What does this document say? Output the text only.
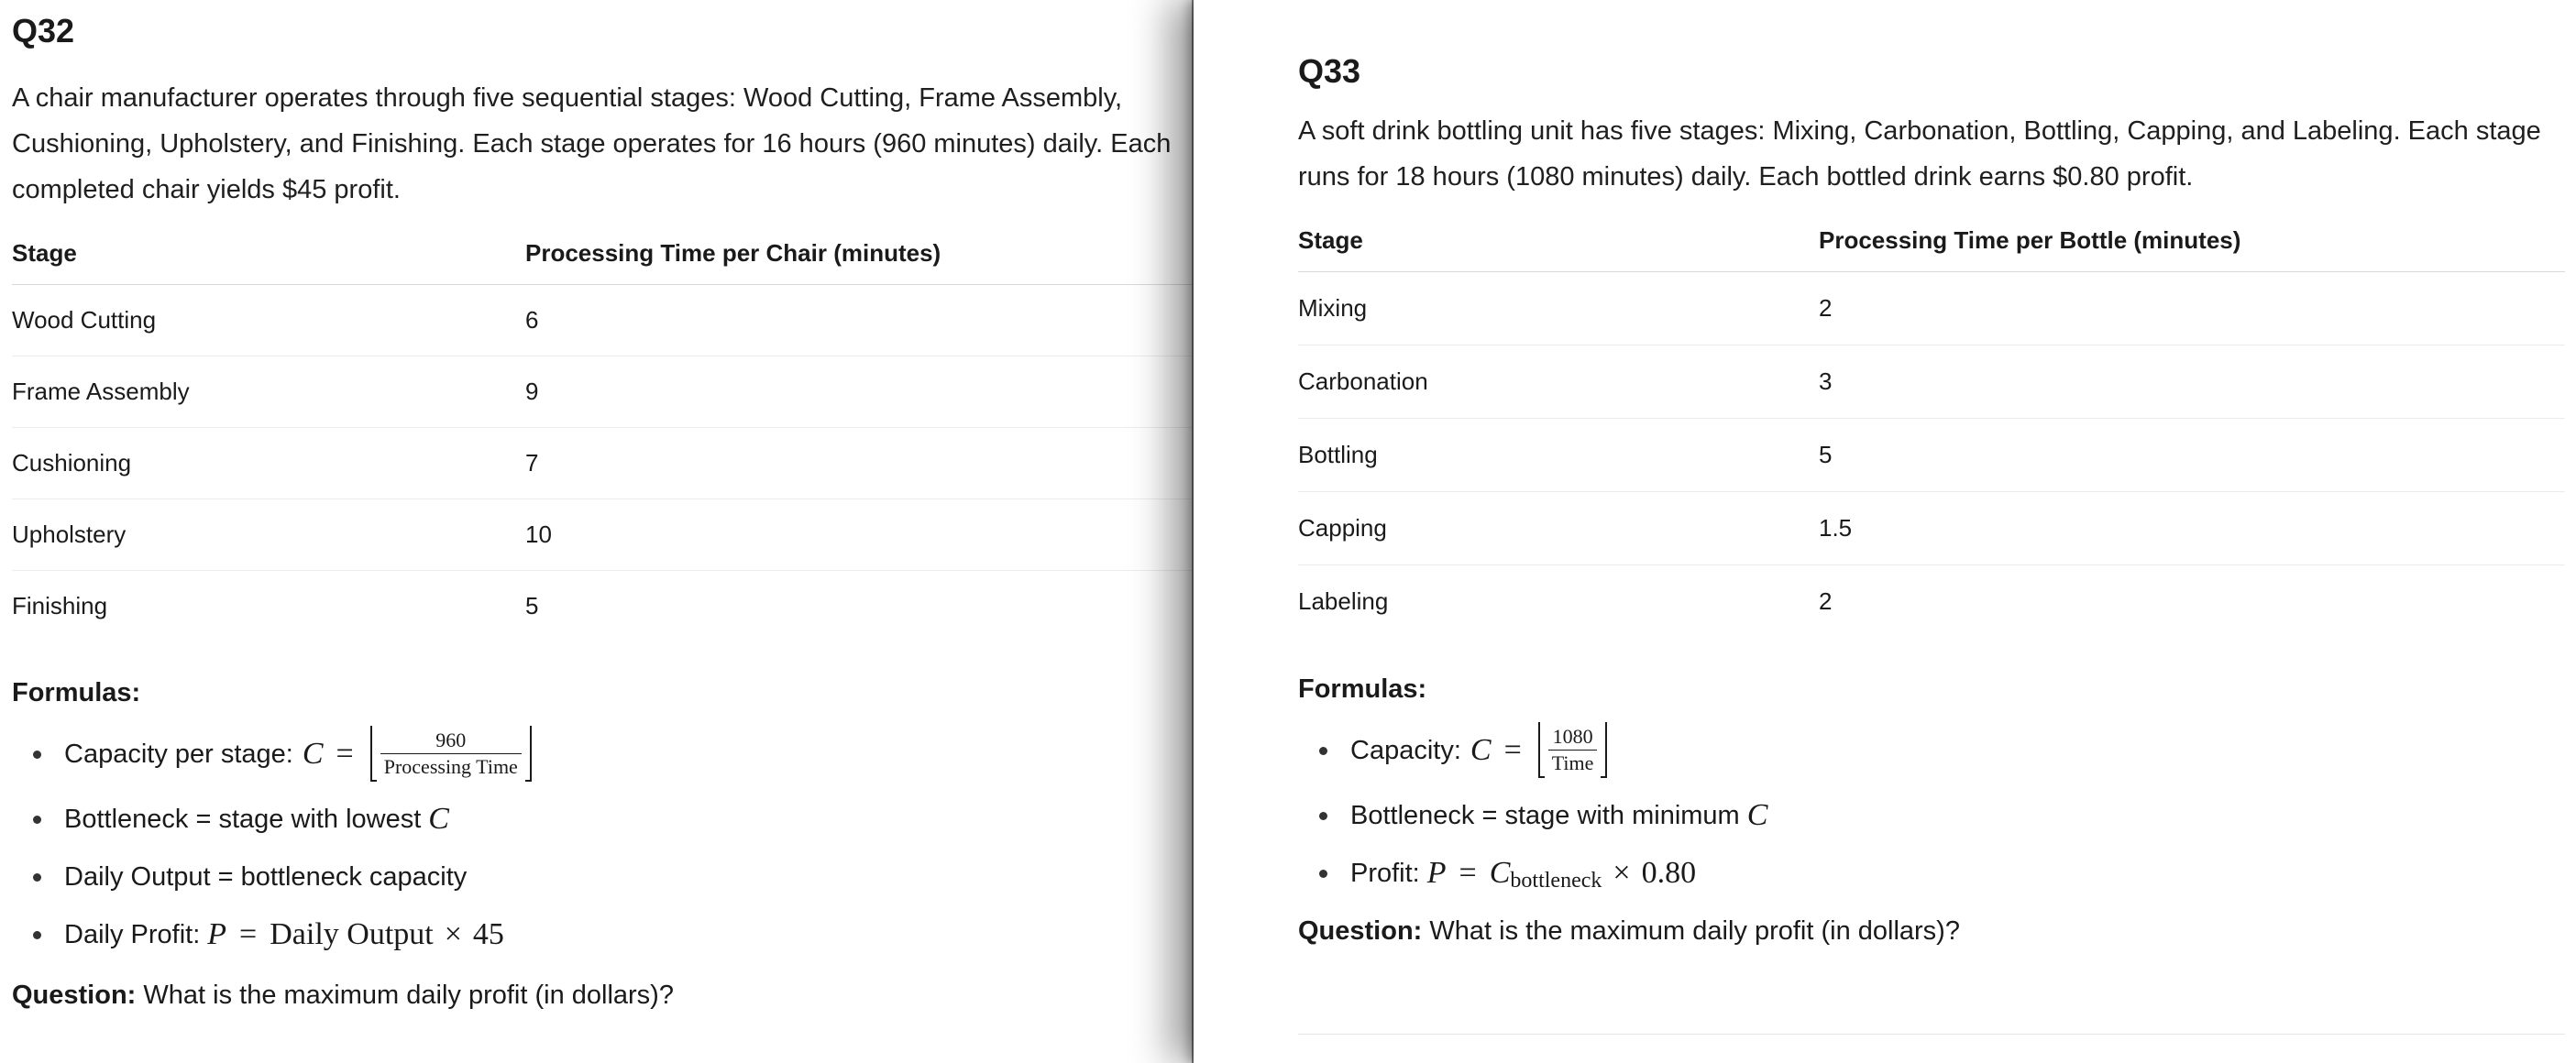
Q32
A chair manufacturer operates through five sequential stages: Wood Cutting, Frame Assembly, Cushioning, Upholstery, and Finishing. Each stage operates for 16 hours (960 minutes) daily. Each completed chair yields $45 profit.
Stage	Processing Time per Chair (minutes)
Wood Cutting	6
Frame Assembly	9
Cushioning	7
Upholstery	10
Finishing	5
Formulas:
Capacity per stage: $C = \frac{960}{\text{Processing Time}}$
Bottleneck = stage with lowest C
Daily Output = bottleneck capacity
Daily Profit: P = Daily Output × 45
Question: What is the maximum daily profit (in dollars)?
Q33
A soft drink bottling unit has five stages: Mixing, Carbonation, Bottling, Capping, and Labeling. Each stage runs for 18 hours (1080 minutes) daily. Each bottled drink earns $0.80 profit.
Stage	Processing Time per Bottle (minutes)
Mixing	2
Carbonation	3
Bottling	5
Capping	1.5
Labeling	2
Formulas:
Capacity: $C = \frac{1080}{\text{Time}}$
Bottleneck = stage with minimum C
Profit: P = C bottleneck × 0.80
Question: What is the maximum daily profit (in dollars)?
